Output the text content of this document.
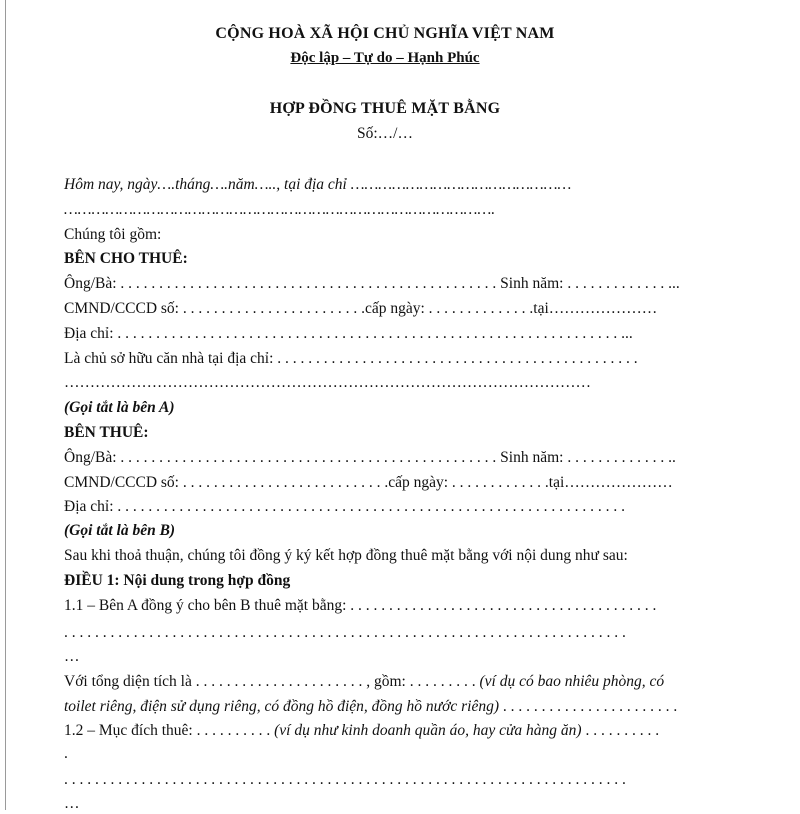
CỘNG HOÀ XÃ HỘI CHỦ NGHĨA VIỆT NAM
Độc lập – Tự do – Hạnh Phúc
HỢP ĐỒNG THUÊ MẶT BẰNG
Số:…/…
Hôm nay, ngày….tháng….năm….., tại địa chỉ …………………………………………
………………………………………………………………………………….
Chúng tôi gồm:
BÊN CHO THUÊ:
Ông/Bà: . . . . . . . . . . . . . . . . . . . . . . . . . . . . . . . . . . . . . . . . . . . . . . . . . Sinh năm: . . . . . . . . . . . . . ...
CMND/CCCD số: . . . . . . . . . . . . . . . . . . . . . . . .cấp ngày: . . . . . . . . . . . . . .tại…………………
Địa chỉ: . . . . . . . . . . . . . . . . . . . . . . . . . . . . . . . . . . . . . . . . . . . . . . . . . . . . . . . . . . . . . . . . . ...
Là chủ sở hữu căn nhà tại địa chỉ: . . . . . . . . . . . . . . . . . . . . . . . . . . . . . . . . . . . . . . . . . . . . . . .
…………………………………………………………………………………………
(Gọi tắt là bên A)
BÊN THUÊ:
Ông/Bà: . . . . . . . . . . . . . . . . . . . . . . . . . . . . . . . . . . . . . . . . . . . . . . . . . Sinh năm: . . . . . . . . . . . . . ..
CMND/CCCD số: . . . . . . . . . . . . . . . . . . . . . . . . . . .cấp ngày: . . . . . . . . . . . . .tại…………………
Địa chỉ: . . . . . . . . . . . . . . . . . . . . . . . . . . . . . . . . . . . . . . . . . . . . . . . . . . . . . . . . . . . . . . . . . .
(Gọi tắt là bên B)
Sau khi thoả thuận, chúng tôi đồng ý ký kết hợp đồng thuê mặt bằng với nội dung như sau:
ĐIỀU 1: Nội dung trong hợp đồng
1.1 – Bên A đồng ý cho bên B thuê mặt bằng: . . . . . . . . . . . . . . . . . . . . . . . . . . . . . . . . . . . . . . . .
. . . . . . . . . . . . . . . . . . . . . . . . . . . . . . . . . . . . . . . . . . . . . . . . . . . . . . . . . . . . . . . . . . . . . . . . .
…
Với tổng diện tích là . . . . . . . . . . . . . . . . . . . . . . , gồm: . . . . . . . . . (ví dụ có bao nhiêu phòng, có
toilet riêng, điện sử dụng riêng, có đồng hồ điện, đồng hồ nước riêng) . . . . . . . . . . . . . . . . . . . . . . .
1.2 – Mục đích thuê: . . . . . . . . . . (ví dụ như kinh doanh quần áo, hay cửa hàng ăn) . . . . . . . . . .
.
. . . . . . . . . . . . . . . . . . . . . . . . . . . . . . . . . . . . . . . . . . . . . . . . . . . . . . . . . . . . . . . . . . . . . . . . .
…
